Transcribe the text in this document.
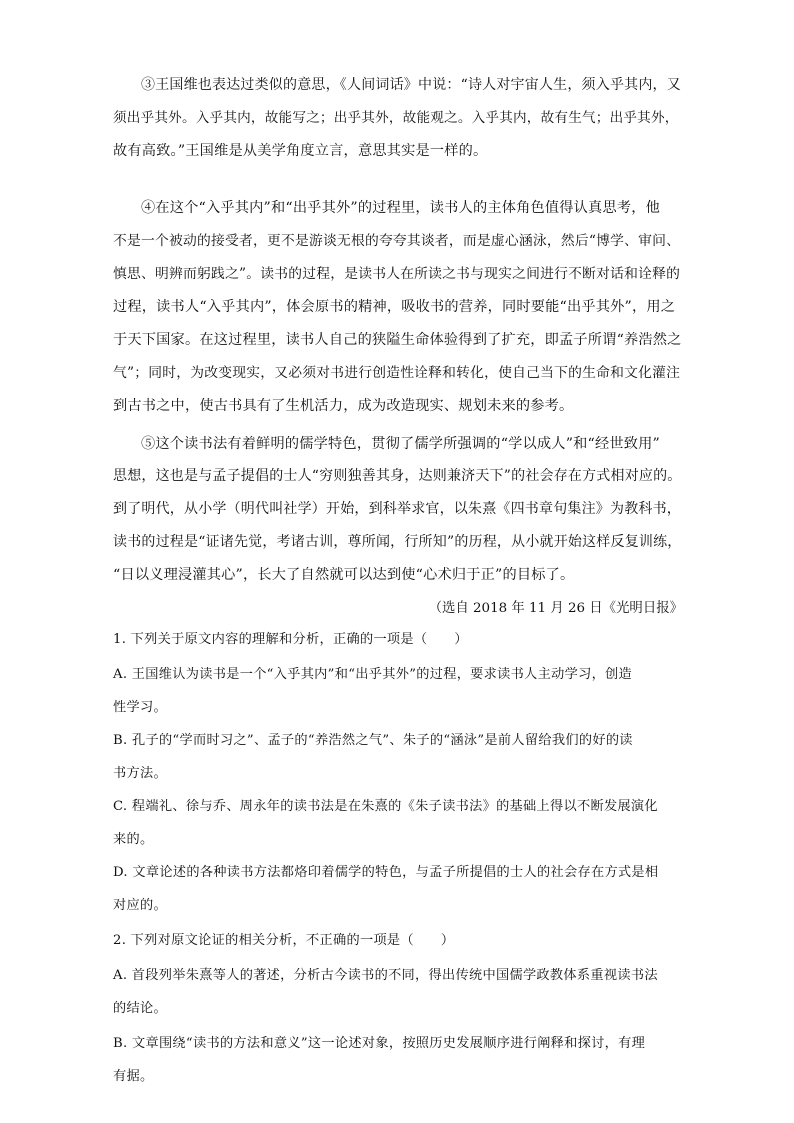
③王国维也表达过类似的意思，《人间词话》中说：“诗人对宇宙人生，须入乎其内，又
须出乎其外。入乎其内，故能写之；出乎其外，故能观之。入乎其内，故有生气；出乎其外，
故有高致。”王国维是从美学角度立言，意思其实是一样的。
④在这个“入乎其内”和“出乎其外”的过程里，读书人的主体角色值得认真思考，他
不是一个被动的接受者，更不是游谈无根的夸夸其谈者，而是虚心涵泳，然后“博学、审问、
慎思、明辨而躬践之”。读书的过程，是读书人在所读之书与现实之间进行不断对话和诠释的
过程，读书人“入乎其内”，体会原书的精神，吸收书的营养，同时要能“出乎其外”，用之
于天下国家。在这过程里，读书人自己的狭隘生命体验得到了扩充，即孟子所谓“养浩然之
气”；同时，为改变现实，又必须对书进行创造性诠释和转化，使自己当下的生命和文化灌注
到古书之中，使古书具有了生机活力，成为改造现实、规划未来的参考。
⑤这个读书法有着鲜明的儒学特色，贯彻了儒学所强调的“学以成人”和“经世致用”
思想，这也是与孟子提倡的士人“穷则独善其身，达则兼济天下”的社会存在方式相对应的。
到了明代，从小学（明代叫社学）开始，到科举求官，以朱熹《四书章句集注》为教科书，
读书的过程是“证诸先觉，考诸古训，尊所闻，行所知”的历程，从小就开始这样反复训练，
“日以义理浸灌其心”，长大了自然就可以达到使“心术归于正”的目标了。
（选自 2018 年 11 月 26 日《光明日报》
1. 下列关于原文内容的理解和分析，正确的一项是（　　）
A. 王国维认为读书是一个“入乎其内”和“出乎其外”的过程，要求读书人主动学习，创造
性学习。
B. 孔子的“学而时习之”、孟子的“养浩然之气”、朱子的“涵泳”是前人留给我们的好的读
书方法。
C. 程端礼、徐与乔、周永年的读书法是在朱熹的《朱子读书法》的基础上得以不断发展演化
来的。
D. 文章论述的各种读书方法都烙印着儒学的特色，与孟子所提倡的士人的社会存在方式是相
对应的。
2. 下列对原文论证的相关分析，不正确的一项是（　　）
A. 首段列举朱熹等人的著述，分析古今读书的不同，得出传统中国儒学政教体系重视读书法
的结论。
B. 文章围绕“读书的方法和意义”这一论述对象，按照历史发展顺序进行阐释和探讨，有理
有据。
